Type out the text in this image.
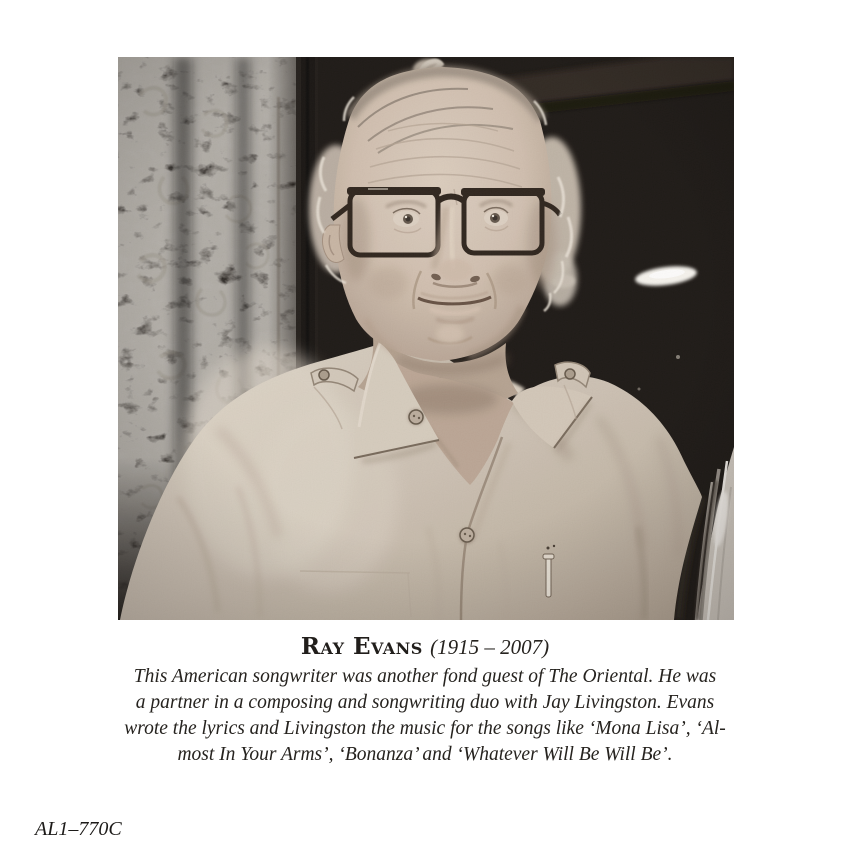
Ray Evans (1915 – 2007)
This American songwriter was another fond guest of The Oriental. He was
a partner in a composing and songwriting duo with Jay Livingston. Evans
wrote the lyrics and Livingston the music for the songs like ‘Mona Lisa’, ‘Al-
most In Your Arms’, ‘Bonanza’ and ‘Whatever Will Be Will Be’.
AL1–770C
